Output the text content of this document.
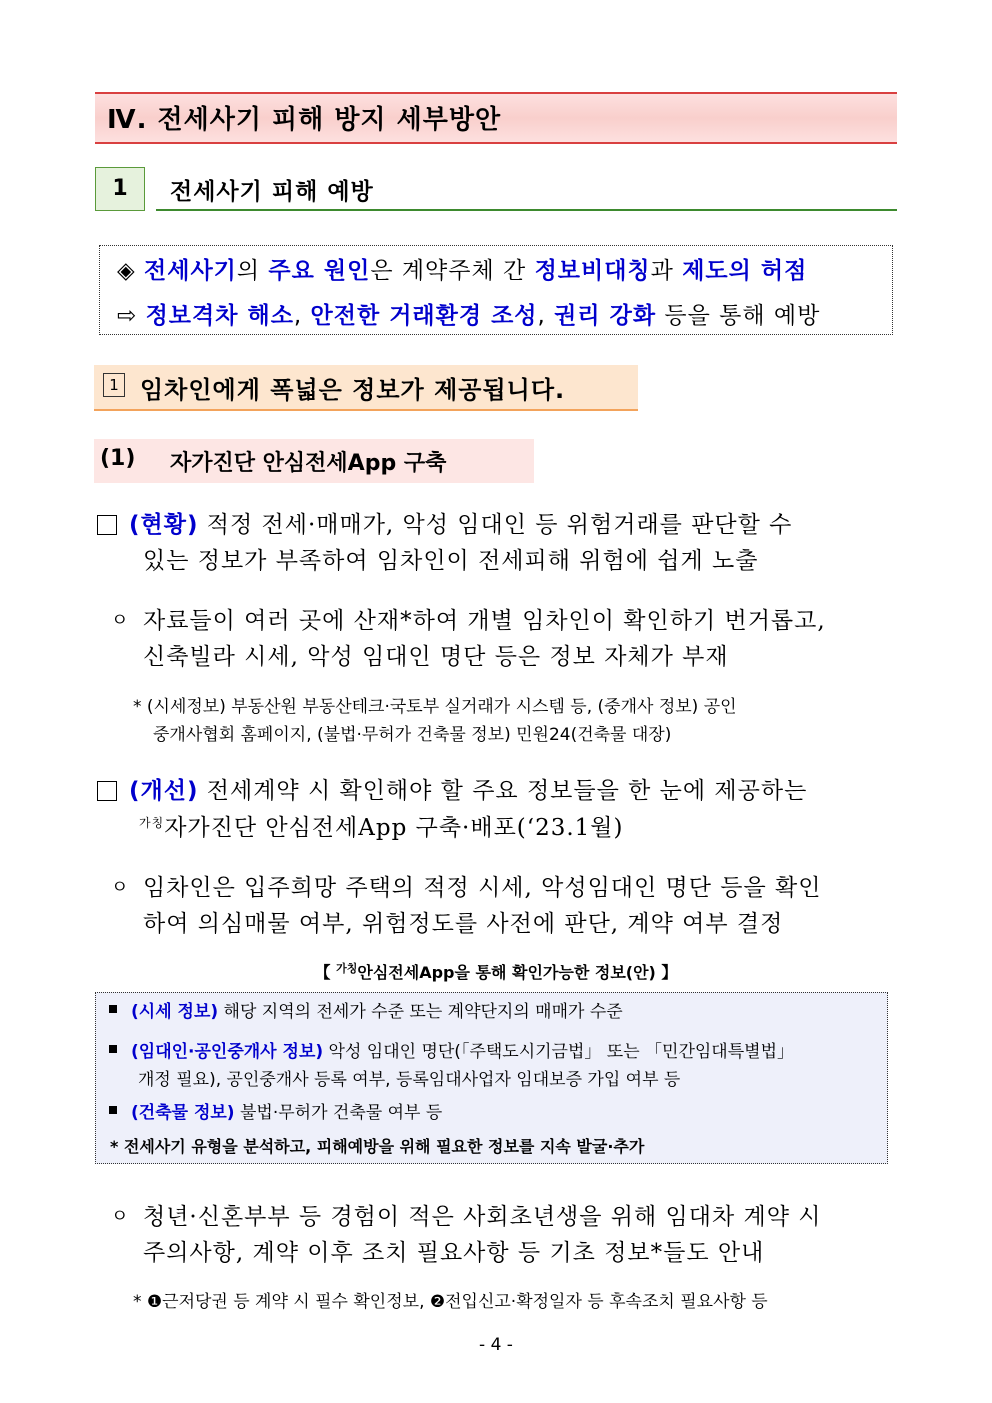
Ⅳ. 전세사기 피해 방지 세부방안
1	전세사기 피해 예방
◈ 전세사기의 주요 원인은 계약주체 간 정보비대칭과 제도의 허점
⇨ 정보격차 해소, 안전한 거래환경 조성, 권리 강화 등을 통해 예방
1 임차인에게 폭넓은 정보가 제공됩니다.
(1) 자가진단 안심전세App 구축
(현황) 적정 전세·매매가, 악성 임대인 등 위험거래를 판단할 수
있는 정보가 부족하여 임차인이 전세피해 위험에 쉽게 노출
ㅇ 자료들이 여러 곳에 산재*하여 개별 임차인이 확인하기 번거롭고,
신축빌라 시세, 악성 임대인 명단 등은 정보 자체가 부재
* (시세정보) 부동산원 부동산테크·국토부 실거래가 시스템 등, (중개사 정보) 공인
중개사협회 홈페이지, (불법·무허가 건축물 정보) 민원24(건축물 대장)
(개선) 전세계약 시 확인해야 할 주요 정보들을 한 눈에 제공하는
$^{가칭}$자가진단 안심전세App 구축·배포(‘23.1월)
ㅇ 임차인은 입주희망 주택의 적정 시세, 악성임대인 명단 등을 확인
하여 의심매물 여부, 위험정도를 사전에 판단, 계약 여부 결정
【 $^{가칭}$안심전세App을 통해 확인가능한 정보(안) 】
(시세 정보) 해당 지역의 전세가 수준 또는 계약단지의 매매가 수준
(임대인·공인중개사 정보) 악성 임대인 명단(「주택도시기금법」 또는 「민간임대특별법」
개정 필요), 공인중개사 등록 여부, 등록임대사업자 임대보증 가입 여부 등
(건축물 정보) 불법·무허가 건축물 여부 등
* 전세사기 유형을 분석하고, 피해예방을 위해 필요한 정보를 지속 발굴·추가
ㅇ 청년·신혼부부 등 경험이 적은 사회초년생을 위해 임대차 계약 시
주의사항, 계약 이후 조치 필요사항 등 기초 정보*들도 안내
* ❶근저당권 등 계약 시 필수 확인정보, ❷전입신고·확정일자 등 후속조치 필요사항 등
- 4 -
